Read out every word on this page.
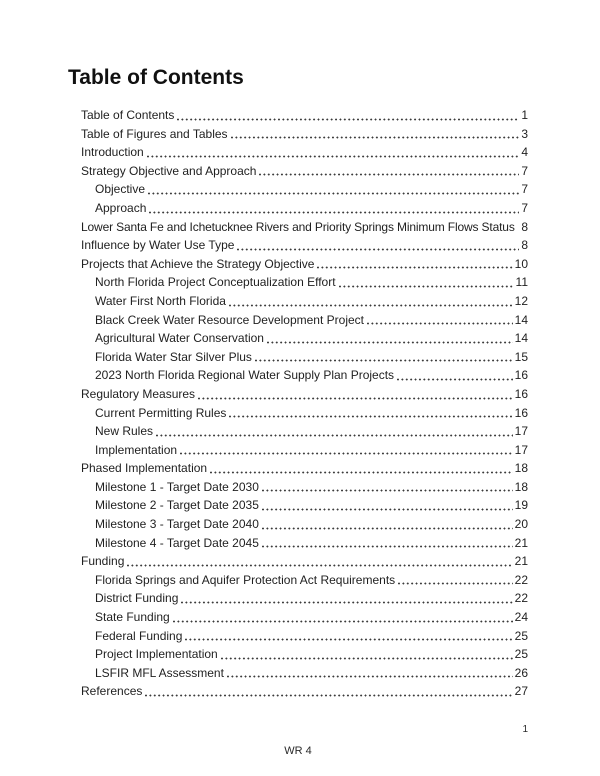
Table of Contents
Table of Contents	1
Table of Figures and Tables	3
Introduction	4
Strategy Objective and Approach	7
Objective	7
Approach	7
Lower Santa Fe and Ichetucknee Rivers and Priority Springs Minimum Flows Status 8
Influence by Water Use Type	8
Projects that Achieve the Strategy Objective	10
North Florida Project Conceptualization Effort	11
Water First North Florida	12
Black Creek Water Resource Development Project	14
Agricultural Water Conservation	14
Florida Water Star Silver Plus	15
2023 North Florida Regional Water Supply Plan Projects	16
Regulatory Measures	16
Current Permitting Rules	16
New Rules	17
Implementation	17
Phased Implementation	18
Milestone 1 - Target Date 2030	18
Milestone 2 - Target Date 2035	19
Milestone 3 - Target Date 2040	20
Milestone 4 - Target Date 2045	21
Funding	21
Florida Springs and Aquifer Protection Act Requirements	22
District Funding	22
State Funding	24
Federal Funding	25
Project Implementation	25
LSFIR MFL Assessment	26
References	27
1
WR 4
